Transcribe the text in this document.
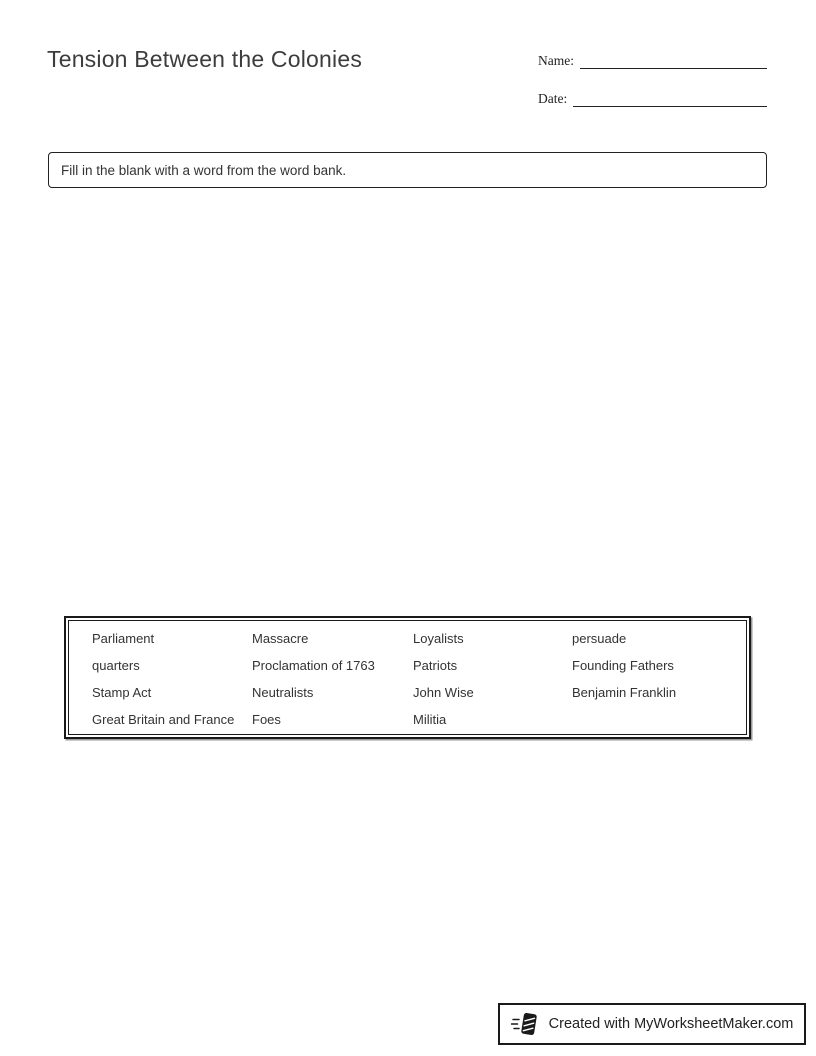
Tension Between the Colonies	Name:
Date:
Fill in the blank with a word from the word bank.
Parliament
quarters
Stamp Act
Great Britain and France
Massacre
Proclamation of 1763
Neutralists
Foes
Loyalists
Patriots
John Wise
Militia
persuade
Founding Fathers
Benjamin Franklin
Created with MyWorksheetMaker.com
